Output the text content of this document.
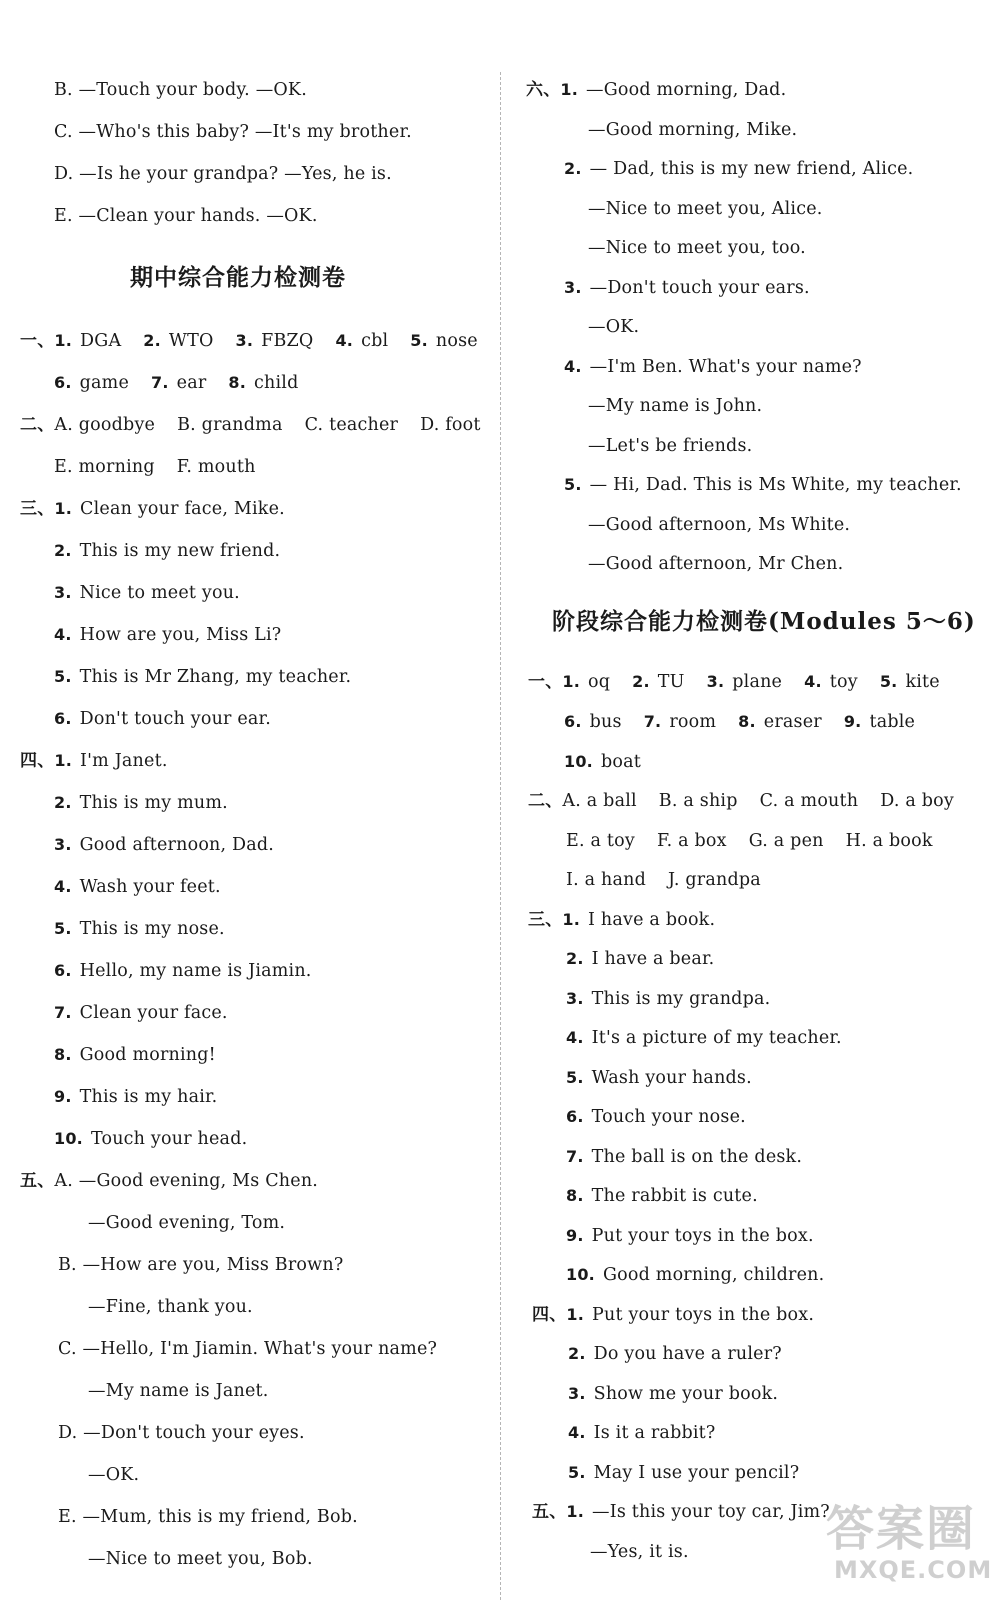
B. —Touch your body. —OK.
C. —Who's this baby? —It's my brother.
D. —Is he your grandpa? —Yes, he is.
E. —Clean your hands. —OK.
期中综合能力检测卷
一、1. DGA 2. WTO 3. FBZQ 4. cbl 5. nose
6. game 7. ear 8. child
二、A. goodbye B. grandma C. teacher D. foot
E. morning F. mouth
三、1. Clean your face, Mike.
2. This is my new friend.
3. Nice to meet you.
4. How are you, Miss Li?
5. This is Mr Zhang, my teacher.
6. Don't touch your ear.
四、1. I'm Janet.
2. This is my mum.
3. Good afternoon, Dad.
4. Wash your feet.
5. This is my nose.
6. Hello, my name is Jiamin.
7. Clean your face.
8. Good morning!
9. This is my hair.
10. Touch your head.
五、A. —Good evening, Ms Chen.
—Good evening, Tom.
B. —How are you, Miss Brown?
—Fine, thank you.
C. —Hello, I'm Jiamin. What's your name?
—My name is Janet.
D. —Don't touch your eyes.
—OK.
E. —Mum, this is my friend, Bob.
—Nice to meet you, Bob.
六、1. —Good morning, Dad.
—Good morning, Mike.
2. — Dad, this is my new friend, Alice.
—Nice to meet you, Alice.
—Nice to meet you, too.
3. —Don't touch your ears.
—OK.
4. —I'm Ben. What's your name?
—My name is John.
—Let's be friends.
5. — Hi, Dad. This is Ms White, my teacher.
—Good afternoon, Ms White.
—Good afternoon, Mr Chen.
阶段综合能力检测卷(Modules 5～6)
一、1. oq 2. TU 3. plane 4. toy 5. kite
6. bus 7. room 8. eraser 9. table
10. boat
二、A. a ball B. a ship C. a mouth D. a boy
E. a toy F. a box G. a pen H. a book
I. a hand J. grandpa
三、1. I have a book.
2. I have a bear.
3. This is my grandpa.
4. It's a picture of my teacher.
5. Wash your hands.
6. Touch your nose.
7. The ball is on the desk.
8. The rabbit is cute.
9. Put your toys in the box.
10. Good morning, children.
四、1. Put your toys in the box.
2. Do you have a ruler?
3. Show me your book.
4. Is it a rabbit?
5. May I use your pencil?
五、1. —Is this your toy car, Jim?
—Yes, it is.	答案圈
MXQE.COM
